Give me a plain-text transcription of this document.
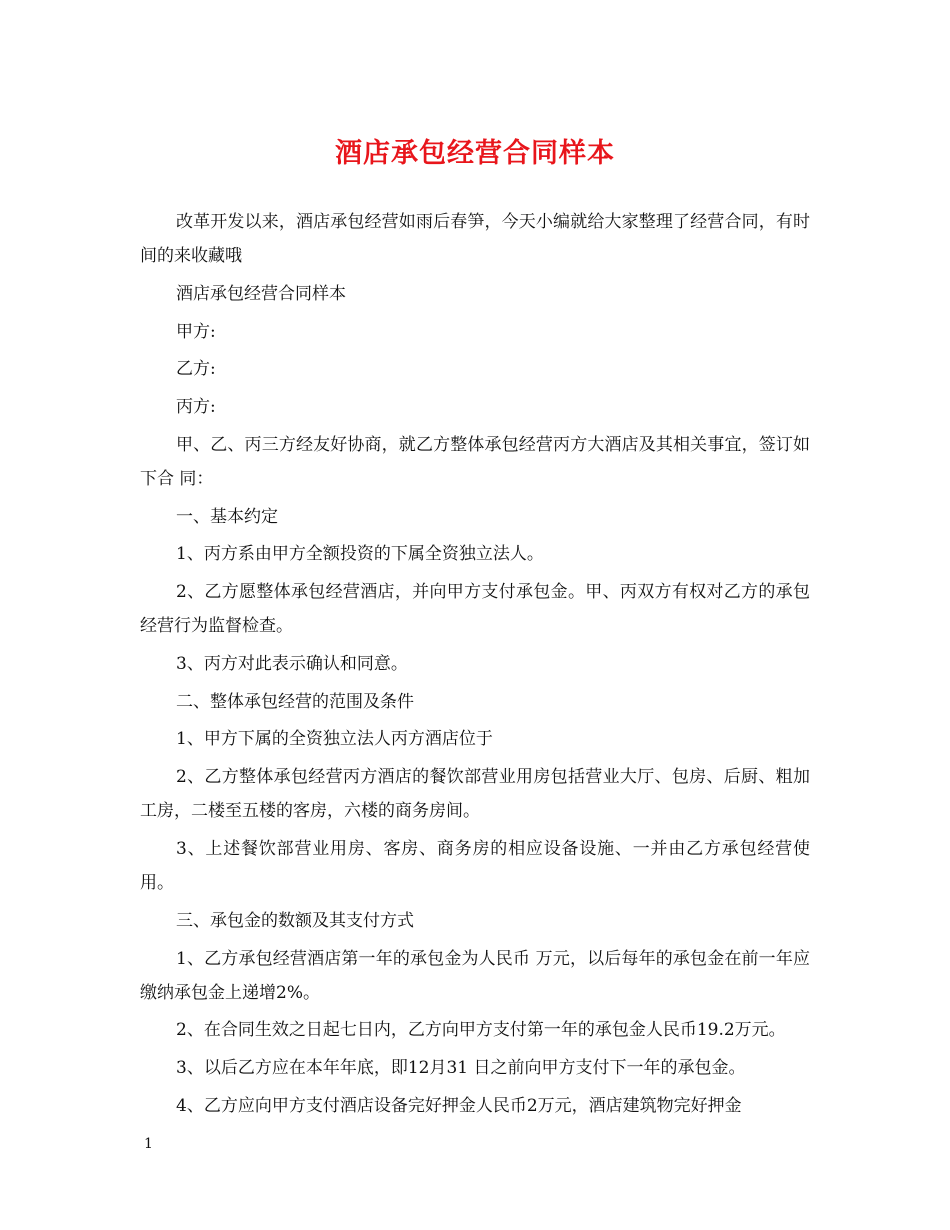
酒店承包经营合同样本

改革开发以来，酒店承包经营如雨后春笋，今天小编就给大家整理了经营合同，有时间的来收藏哦

酒店承包经营合同样本

甲方:

乙方:

丙方:

甲、乙、丙三方经友好协商，就乙方整体承包经营丙方大酒店及其相关事宜，签订如下合 同：

一、基本约定

1、丙方系由甲方全额投资的下属全资独立法人。

2、乙方愿整体承包经营酒店，并向甲方支付承包金。甲、丙双方有权对乙方的承包经营行为监督检查。

3、丙方对此表示确认和同意。

二、整体承包经营的范围及条件

1、甲方下属的全资独立法人丙方酒店位于

2、乙方整体承包经营丙方酒店的餐饮部营业用房包括营业大厅、包房、后厨、粗加工房，二楼至五楼的客房，六楼的商务房间。

3、上述餐饮部营业用房、客房、商务房的相应设备设施、一并由乙方承包经营使用。

三、承包金的数额及其支付方式

1、乙方承包经营酒店第一年的承包金为人民币 万元，以后每年的承包金在前一年应缴纳承包金上递增2%。

2、在合同生效之日起七日内，乙方向甲方支付第一年的承包金人民币19.2万元。

3、以后乙方应在本年年底，即12月31 日之前向甲方支付下一年的承包金。

4、乙方应向甲方支付酒店设备完好押金人民币2万元，酒店建筑物完好押金

1
